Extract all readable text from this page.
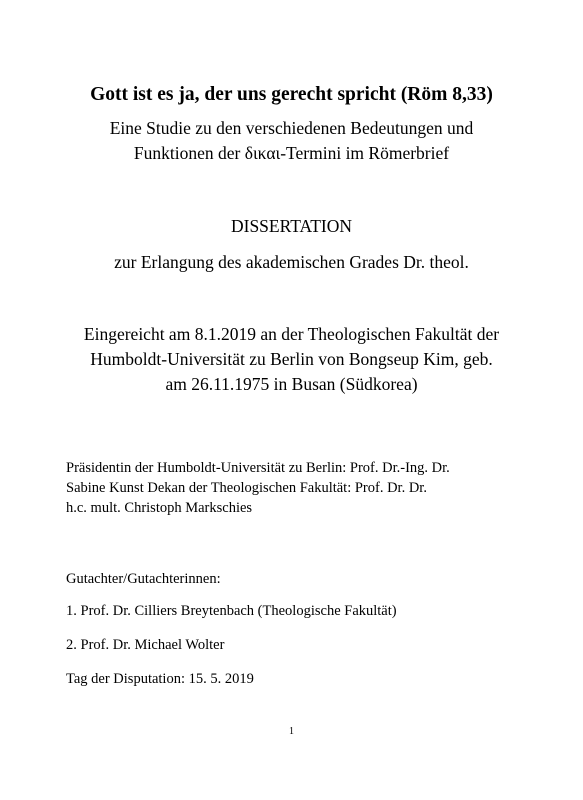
Gott ist es ja, der uns gerecht spricht (Röm 8,33)

Eine Studie zu den verschiedenen Bedeutungen und
Funktionen der δικαι-Termini im Römerbrief

DISSERTATION

zur Erlangung des akademischen Grades Dr. theol.

Eingereicht am 8.1.2019 an der Theologischen Fakultät der
Humboldt-Universität zu Berlin von Bongseup Kim, geb.
am 26.11.1975 in Busan (Südkorea)

Präsidentin der Humboldt-Universität zu Berlin: Prof. Dr.-Ing. Dr.
Sabine Kunst Dekan der Theologischen Fakultät: Prof. Dr. Dr.
h.c. mult. Christoph Markschies

Gutachter/Gutachterinnen:

1. Prof. Dr. Cilliers Breytenbach (Theologische Fakultät)

2. Prof. Dr. Michael Wolter

Tag der Disputation: 15. 5. 2019

1
